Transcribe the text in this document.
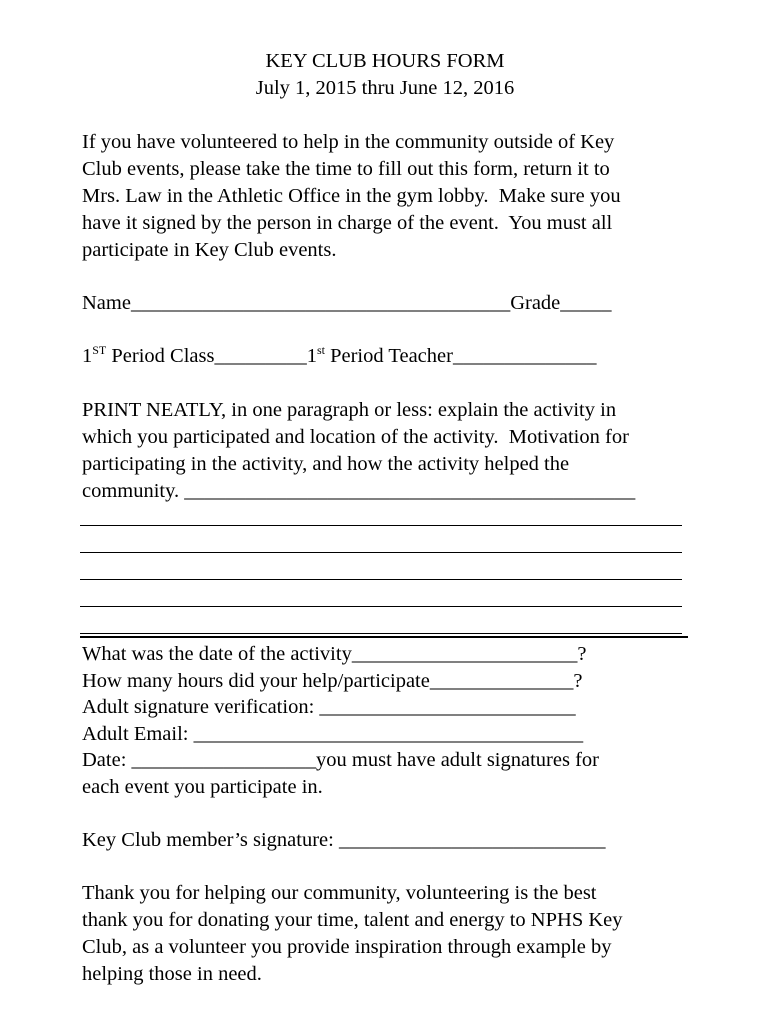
KEY CLUB HOURS FORM
July 1, 2015 thru June 12, 2016
If you have volunteered to help in the community outside of Key
Club events, please take the time to fill out this form, return it to
Mrs. Law in the Athletic Office in the gym lobby.  Make sure you
have it signed by the person in charge of the event.  You must all
participate in Key Club events.
Name_____________________________________Grade_____
1ST Period Class_________1st Period Teacher______________
PRINT NEATLY, in one paragraph or less: explain the activity in
which you participated and location of the activity.  Motivation for
participating in the activity, and how the activity helped the
community. ____________________________________________
What was the date of the activity______________________?
How many hours did your help/participate______________?
Adult signature verification: _________________________
Adult Email: ______________________________________
Date: __________________you must have adult signatures for
each event you participate in.
Key Club member’s signature: __________________________
Thank you for helping our community, volunteering is the best
thank you for donating your time, talent and energy to NPHS Key
Club, as a volunteer you provide inspiration through example by
helping those in need.
